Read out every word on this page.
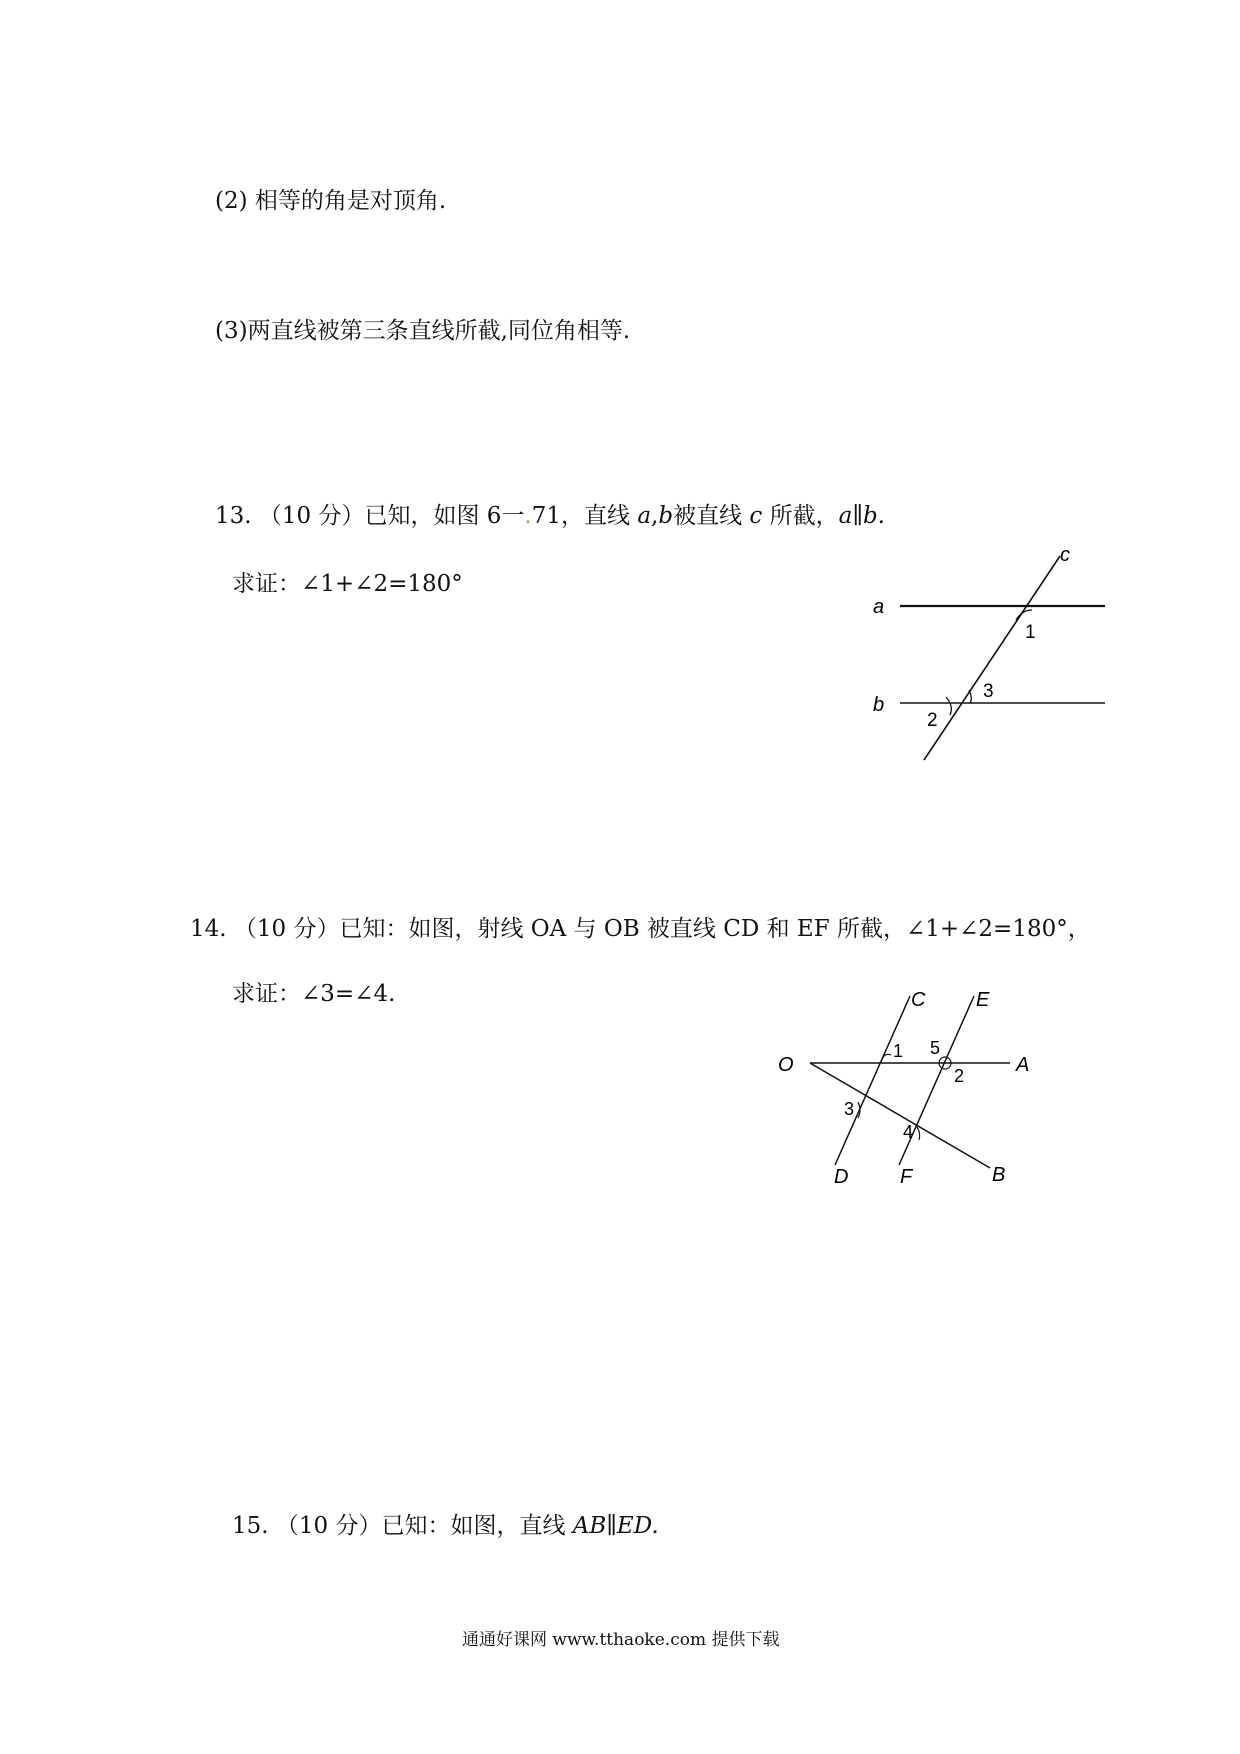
(2) 相等的角是对顶角.
(3)两直线被第三条直线所截,同位角相等.
13. （10 分）已知，如图 6一.71，直线 a,b被直线 c 所截，a∥b.
求证：∠1+∠2=180°
a
b
c
1
3
2
14. （10 分）已知：如图，射线 OA 与 OB 被直线 CD 和 EF 所截，∠1+∠2=180°，
求证：∠3=∠4.
O	A
B
C
D
E
F
1 5
2
3
4
15. （10 分）已知：如图，直线 AB∥ED.
通通好课网 www.tthaoke.com 提供下载
